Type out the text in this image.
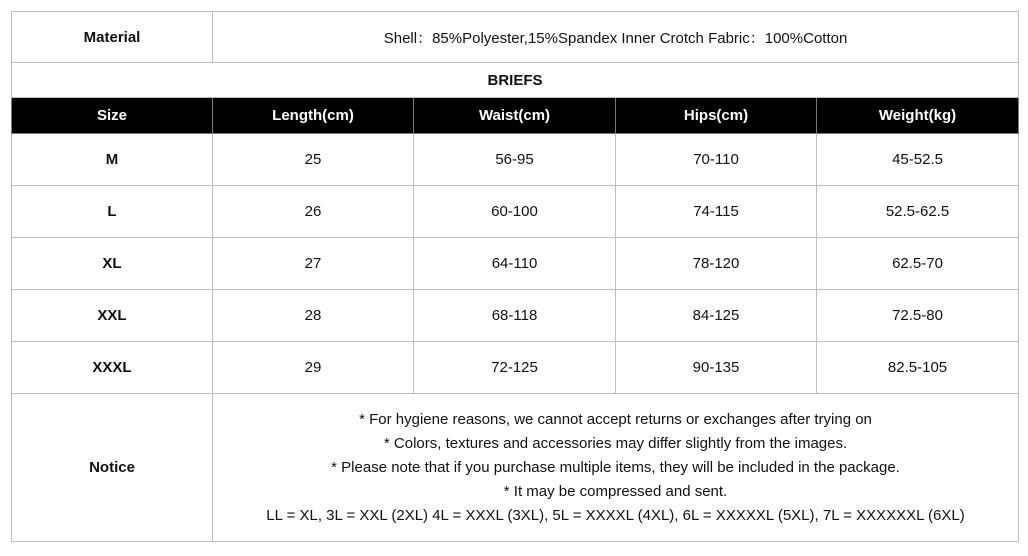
Material	Shell：85%Polyester,15%Spandex Inner Crotch Fabric：100%Cotton			
BRIEFS				
Size	Length(cm)	Waist(cm)	Hips(cm)	Weight(kg)
M	25	56-95	70-110	45-52.5
L	26	60-100	74-115	52.5-62.5
XL	27	64-110	78-120	62.5-70
XXL	28	68-118	84-125	72.5-80
XXXL	29	72-125	90-135	82.5-105
Notice	* For hygiene reasons, we cannot accept returns or exchanges after trying on
* Colors, textures and accessories may differ slightly from the images.
* Please note that if you purchase multiple items, they will be included in the package.
* It may be compressed and sent.
LL = XL, 3L = XXL (2XL) 4L = XXXL (3XL), 5L = XXXXL (4XL), 6L = XXXXXL (5XL), 7L = XXXXXXL (6XL)			
